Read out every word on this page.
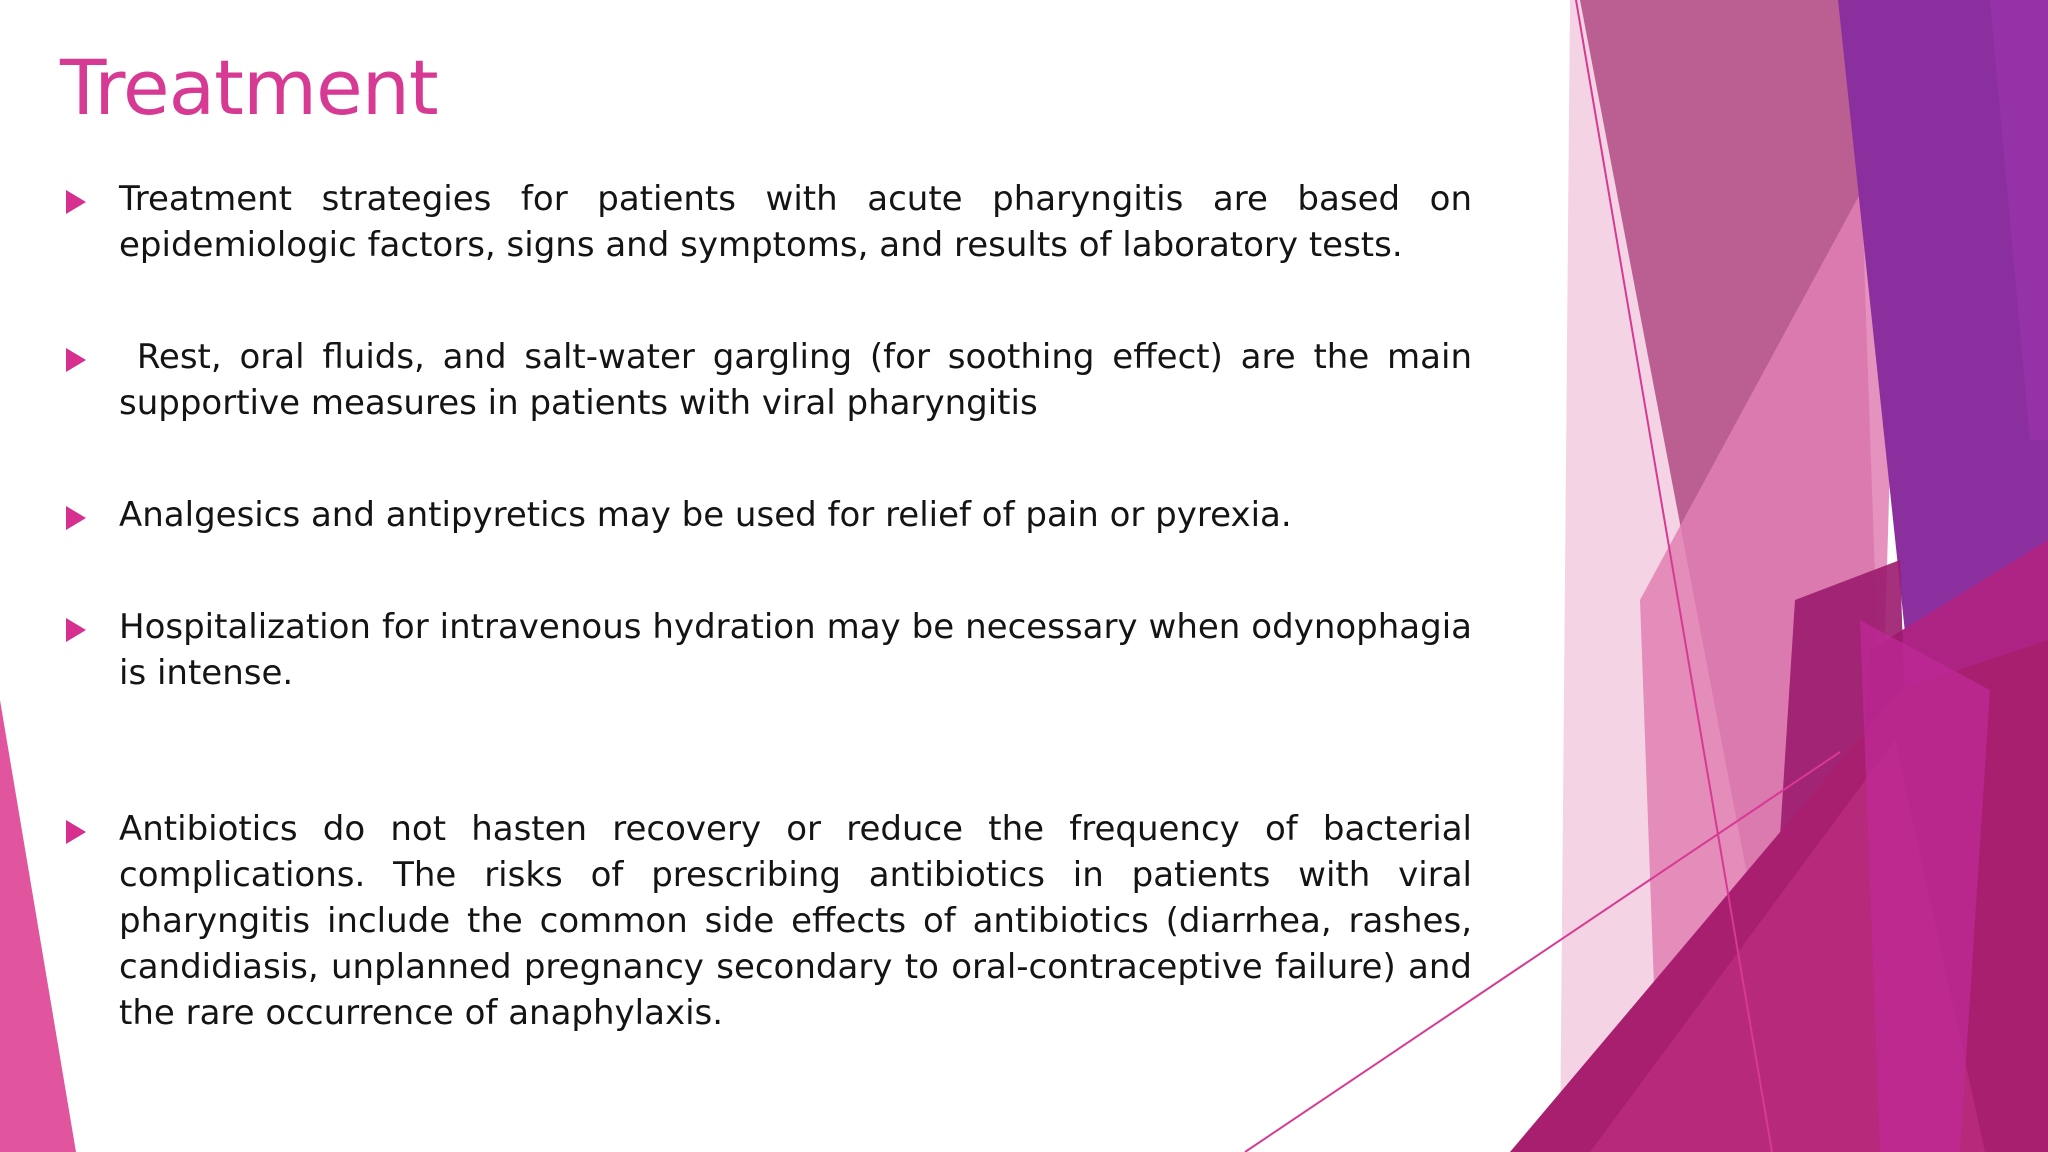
Treatment

Treatment strategies for patients with acute pharyngitis are based on epidemiologic factors, signs and symptoms, and results of laboratory tests.

Rest, oral fluids, and salt-water gargling (for soothing effect) are the main supportive measures in patients with viral pharyngitis

Analgesics and antipyretics may be used for relief of pain or pyrexia.

Hospitalization for intravenous hydration may be necessary when odynophagia is intense.

Antibiotics do not hasten recovery or reduce the frequency of bacterial complications. The risks of prescribing antibiotics in patients with viral pharyngitis include the common side effects of antibiotics (diarrhea, rashes, candidiasis, unplanned pregnancy secondary to oral-contraceptive failure) and the rare occurrence of anaphylaxis.
